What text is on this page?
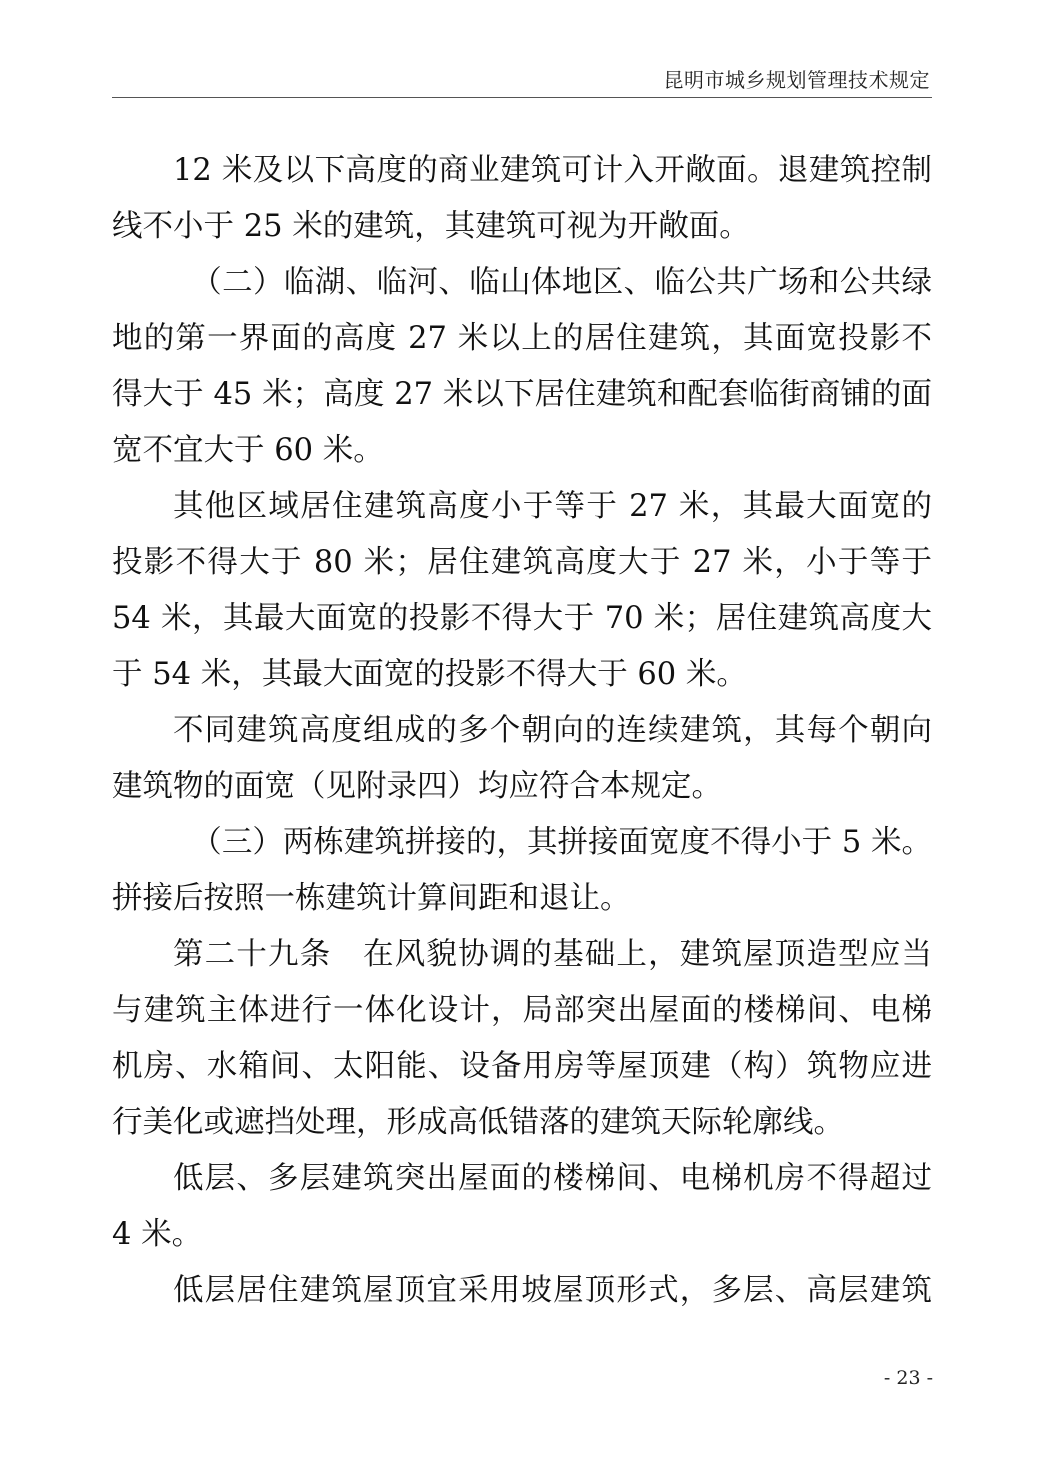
昆明市城乡规划管理技术规定

12 米及以下高度的商业建筑可计入开敞面。退建筑控制线不小于 25 米的建筑，其建筑可视为开敞面。

（二）临湖、临河、临山体地区、临公共广场和公共绿地的第一界面的高度 27 米以上的居住建筑，其面宽投影不得大于 45 米；高度 27 米以下居住建筑和配套临街商铺的面宽不宜大于 60 米。

其他区域居住建筑高度小于等于 27 米，其最大面宽的投影不得大于 80 米；居住建筑高度大于 27 米，小于等于 54 米，其最大面宽的投影不得大于 70 米；居住建筑高度大于 54 米，其最大面宽的投影不得大于 60 米。

不同建筑高度组成的多个朝向的连续建筑，其每个朝向建筑物的面宽（见附录四）均应符合本规定。

（三）两栋建筑拼接的，其拼接面宽度不得小于 5 米。拼接后按照一栋建筑计算间距和退让。

第二十九条　在风貌协调的基础上，建筑屋顶造型应当与建筑主体进行一体化设计，局部突出屋面的楼梯间、电梯机房、水箱间、太阳能、设备用房等屋顶建（构）筑物应进行美化或遮挡处理，形成高低错落的建筑天际轮廓线。

低层、多层建筑突出屋面的楼梯间、电梯机房不得超过 4 米。

低层居住建筑屋顶宜采用坡屋顶形式，多层、高层建筑

- 23 -
